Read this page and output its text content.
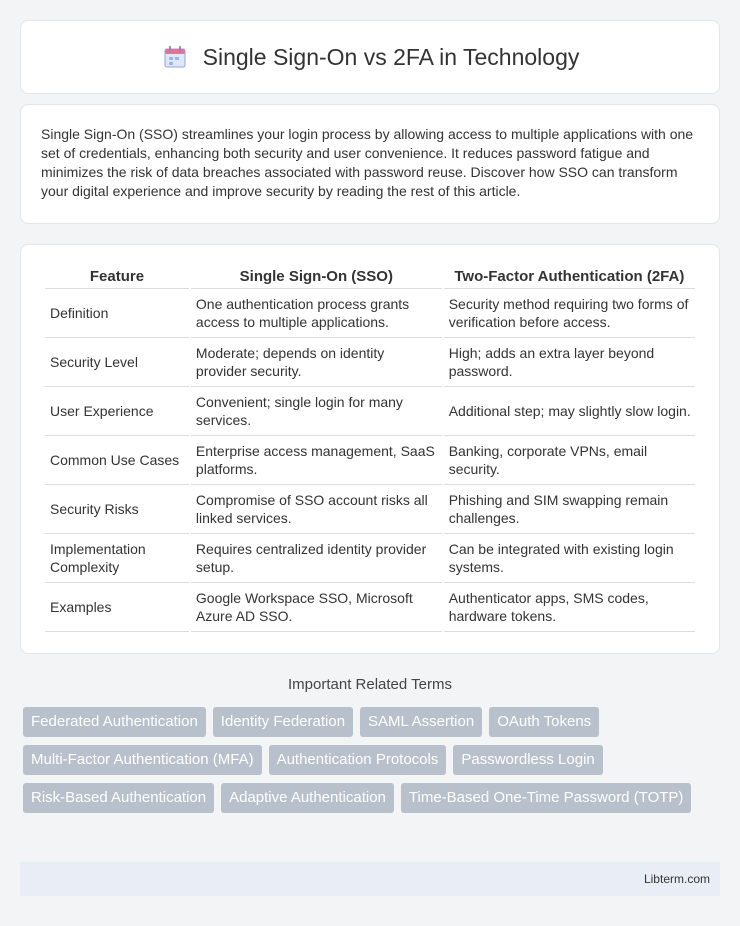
Single Sign-On vs 2FA in Technology

Single Sign-On (SSO) streamlines your login process by allowing access to multiple applications with one set of credentials, enhancing both security and user convenience. It reduces password fatigue and minimizes the risk of data breaches associated with password reuse. Discover how SSO can transform your digital experience and improve security by reading the rest of this article.

Feature	Single Sign-On (SSO)	Two-Factor Authentication (2FA)
Definition	One authentication process grants access to multiple applications.	Security method requiring two forms of verification before access.
Security Level	Moderate; depends on identity provider security.	High; adds an extra layer beyond password.
User Experience	Convenient; single login for many services.	Additional step; may slightly slow login.
Common Use Cases	Enterprise access management, SaaS platforms.	Banking, corporate VPNs, email security.
Security Risks	Compromise of SSO account risks all linked services.	Phishing and SIM swapping remain challenges.
Implementation Complexity	Requires centralized identity provider setup.	Can be integrated with existing login systems.
Examples	Google Workspace SSO, Microsoft Azure AD SSO.	Authenticator apps, SMS codes, hardware tokens.
Important Related Terms
Federated Authentication	Identity Federation	SAML Assertion	OAuth Tokens
Multi-Factor Authentication (MFA)	Authentication Protocols	Passwordless Login
Risk-Based Authentication	Adaptive Authentication	Time-Based One-Time Password (TOTP)
Libterm.com
